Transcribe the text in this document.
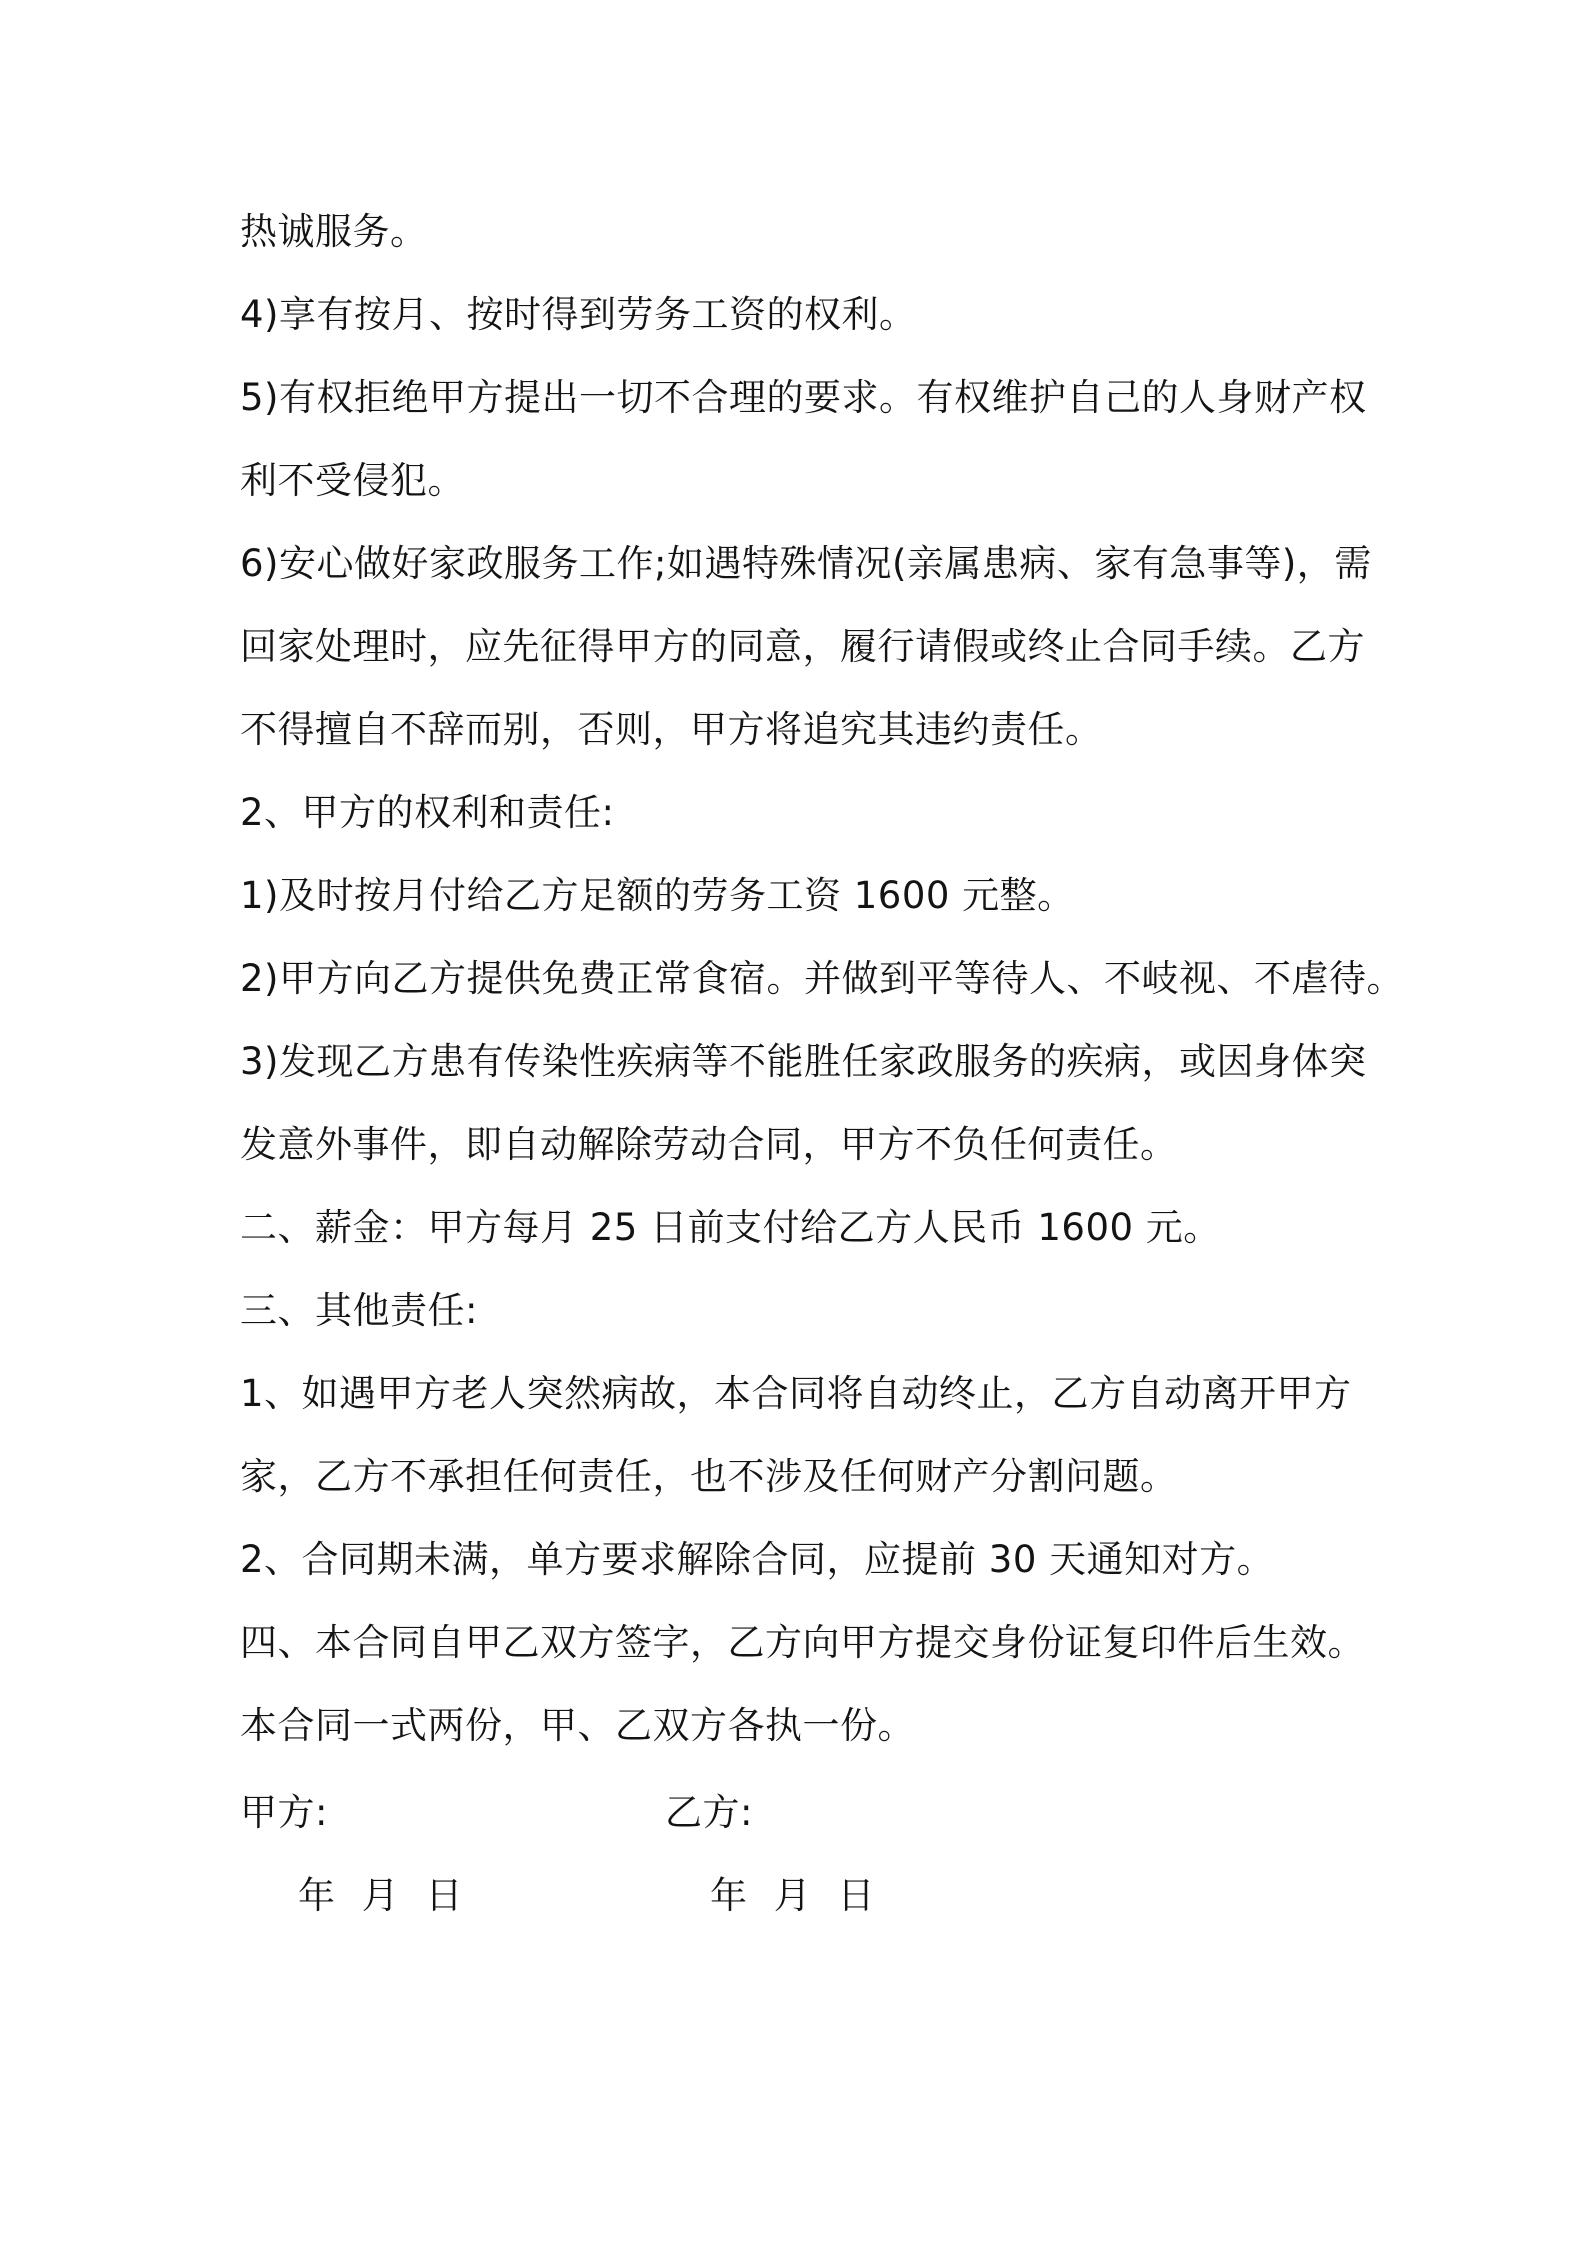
热诚服务。
4)享有按月、按时得到劳务工资的权利。
5)有权拒绝甲方提出一切不合理的要求。有权维护自己的人身财产权
利不受侵犯。
6)安心做好家政服务工作;如遇特殊情况(亲属患病、家有急事等)，需
回家处理时，应先征得甲方的同意，履行请假或终止合同手续。乙方
不得擅自不辞而别，否则，甲方将追究其违约责任。
2、甲方的权利和责任:
1)及时按月付给乙方足额的劳务工资 1600 元整。
2)甲方向乙方提供免费正常食宿。并做到平等待人、不岐视、不虐待。
3)发现乙方患有传染性疾病等不能胜任家政服务的疾病，或因身体突
发意外事件，即自动解除劳动合同，甲方不负任何责任。
二、薪金：甲方每月 25 日前支付给乙方人民币 1600 元。
三、其他责任:
1、如遇甲方老人突然病故，本合同将自动终止，乙方自动离开甲方
家，乙方不承担任何责任，也不涉及任何财产分割问题。
2、合同期未满，单方要求解除合同，应提前 30 天通知对方。
四、本合同自甲乙双方签字，乙方向甲方提交身份证复印件后生效。
本合同一式两份，甲、乙双方各执一份。
甲方:	乙方:
年 月 日	年 月 日
